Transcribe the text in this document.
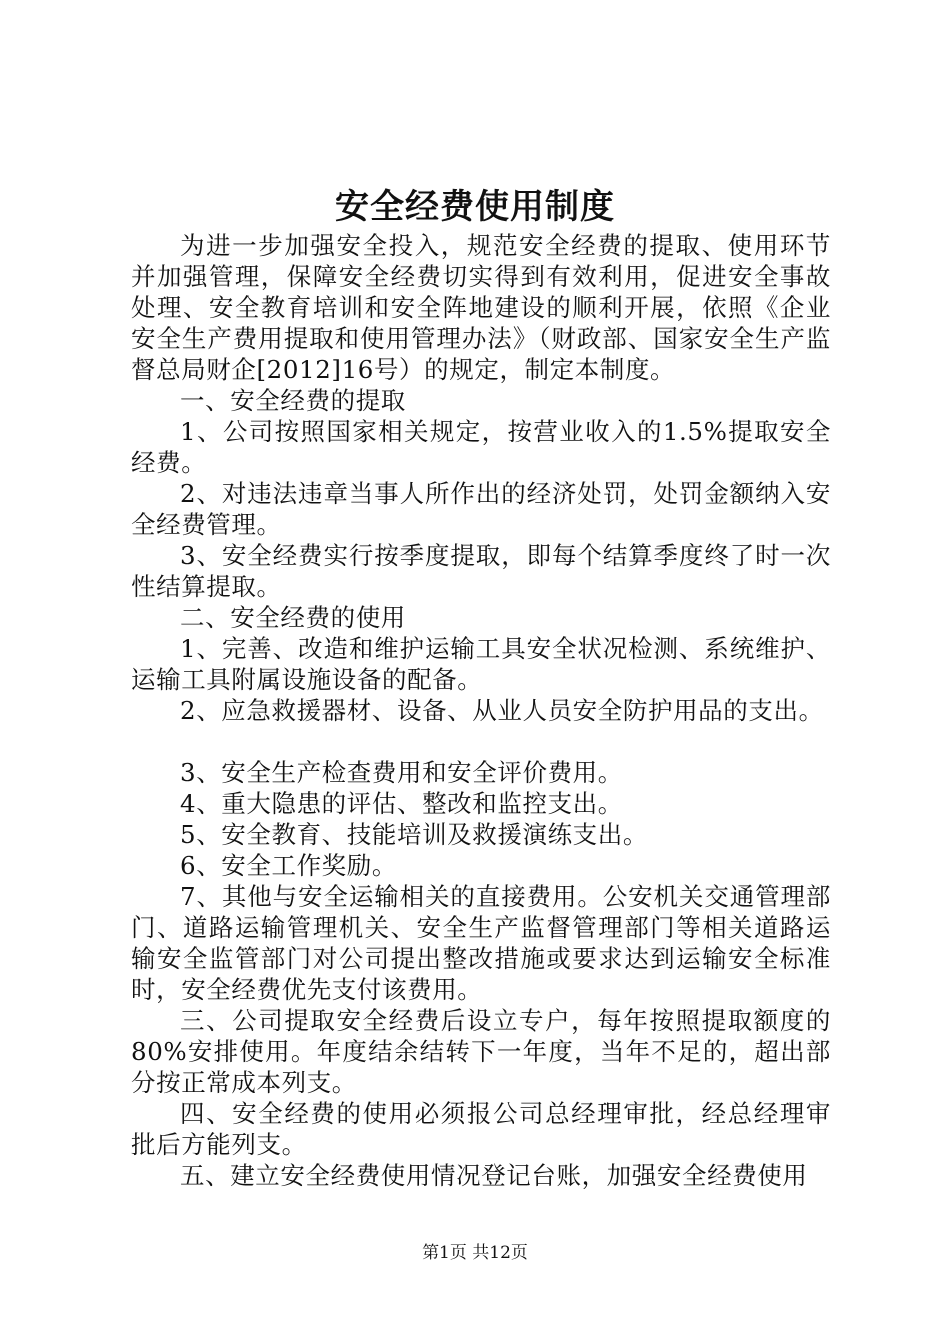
安全经费使用制度

为进一步加强安全投入，规范安全经费的提取、使用环节并加强管理，保障安全经费切实得到有效利用，促进安全事故处理、安全教育培训和安全阵地建设的顺利开展，依照《企业安全生产费用提取和使用管理办法》（财政部、国家安全生产监督总局财企[2012]16号）的规定，制定本制度。

一、安全经费的提取

1、公司按照国家相关规定，按营业收入的1.5%提取安全经费。

2、对违法违章当事人所作出的经济处罚，处罚金额纳入安全经费管理。

3、安全经费实行按季度提取，即每个结算季度终了时一次性结算提取。

二、安全经费的使用

1、完善、改造和维护运输工具安全状况检测、系统维护、运输工具附属设施设备的配备。

2、应急救援器材、设备、从业人员安全防护用品的支出。

3、安全生产检查费用和安全评价费用。

4、重大隐患的评估、整改和监控支出。

5、安全教育、技能培训及救援演练支出。

6、安全工作奖励。

7、其他与安全运输相关的直接费用。公安机关交通管理部门、道路运输管理机关、安全生产监督管理部门等相关道路运输安全监管部门对公司提出整改措施或要求达到运输安全标准时，安全经费优先支付该费用。

三、公司提取安全经费后设立专户，每年按照提取额度的80%安排使用。年度结余结转下一年度，当年不足的，超出部分按正常成本列支。

四、安全经费的使用必须报公司总经理审批，经总经理审批后方能列支。

五、建立安全经费使用情况登记台账，加强安全经费使用

第1页 共12页
